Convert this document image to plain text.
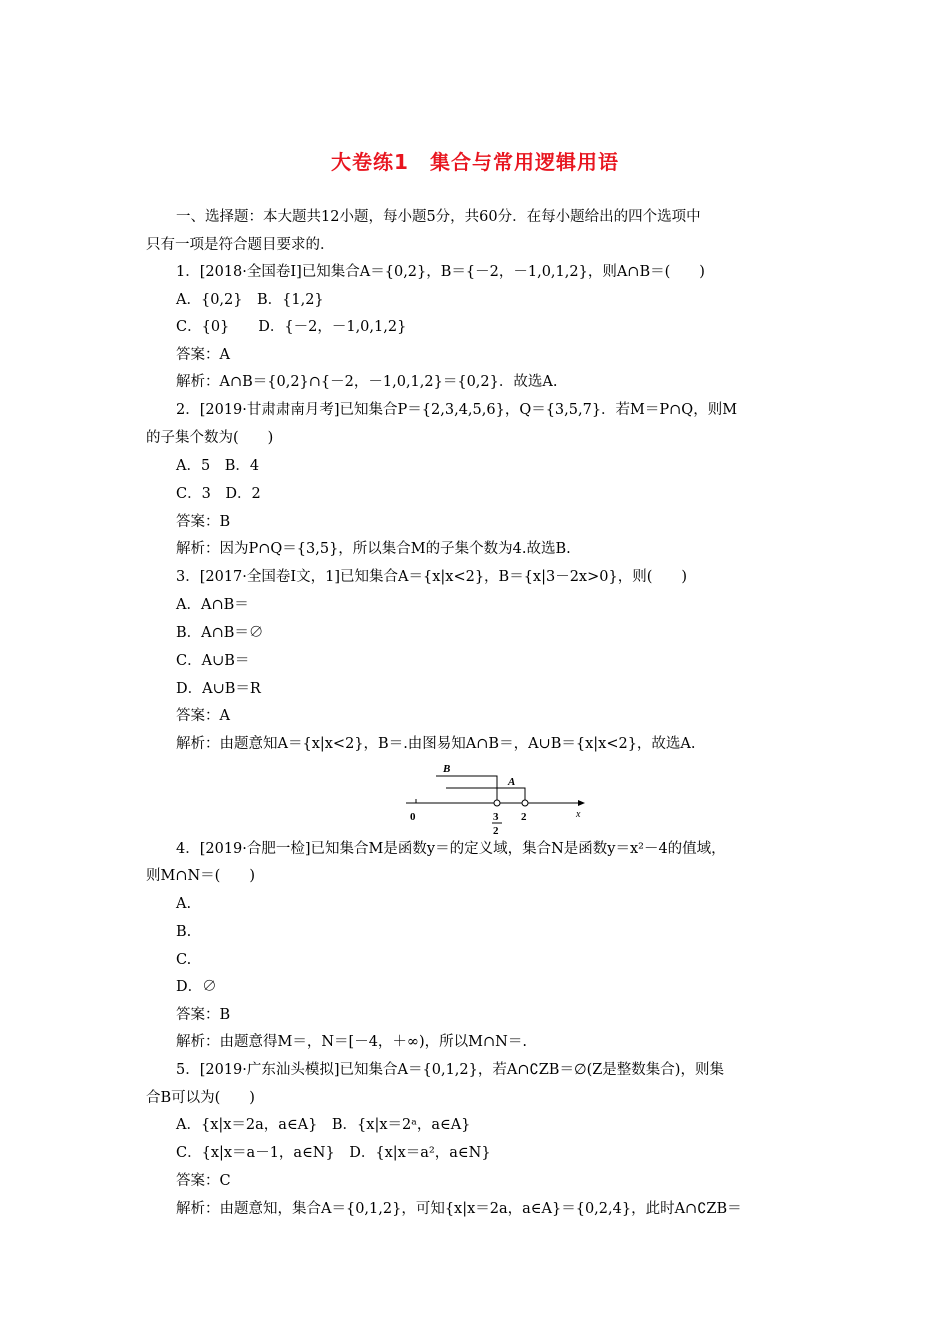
大卷练1　集合与常用逻辑用语
一、选择题：本大题共12小题，每小题5分，共60分．在每小题给出的四个选项中
只有一项是符合题目要求的．
1．[2018·全国卷Ⅰ]已知集合A＝{0,2}，B＝{－2，－1,0,1,2}，则A∩B＝(　　)
A．{0,2}　B．{1,2}
C．{0}　　D．{－2，－1,0,1,2}
答案：A
解析：A∩B＝{0,2}∩{－2，－1,0,1,2}＝{0,2}．故选A.
2．[2019·甘肃肃南月考]已知集合P＝{2,3,4,5,6}，Q＝{3,5,7}．若M＝P∩Q，则M
的子集个数为(　　)
A．5　B．4
C．3　D．2
答案：B
解析：因为P∩Q＝{3,5}，所以集合M的子集个数为4.故选B.
3．[2017·全国卷Ⅰ文，1]已知集合A＝{x|x<2}，B＝{x|3－2x>0}，则(　　)
A．A∩B＝
B．A∩B＝∅
C．A∪B＝
D．A∪B＝R
答案：A
解析：由题意知A＝{x|x<2}，B＝.由图易知A∩B＝，A∪B＝{x|x<2}，故选A.
4．[2019·合肥一检]已知集合M是函数y＝的定义域，集合N是函数y＝x²－4的值域，
则M∩N＝(　　)
A.
B.
C.
D．∅
答案：B
解析：由题意得M＝，N＝[－4，＋∞)，所以M∩N＝.
5．[2019·广东汕头模拟]已知集合A＝{0,1,2}，若A∩∁ZB＝∅(Z是整数集合)，则集
合B可以为(　　)
A．{x|x＝2a，a∈A}　B．{x|x＝2ᵃ，a∈A}
C．{x|x＝a－1，a∈N}　D．{x|x＝a²，a∈N}
答案：C
解析：由题意知，集合A＝{0,1,2}，可知{x|x＝2a，a∈A}＝{0,2,4}，此时A∩∁ZB＝
B
A
0	3
2
2	x
